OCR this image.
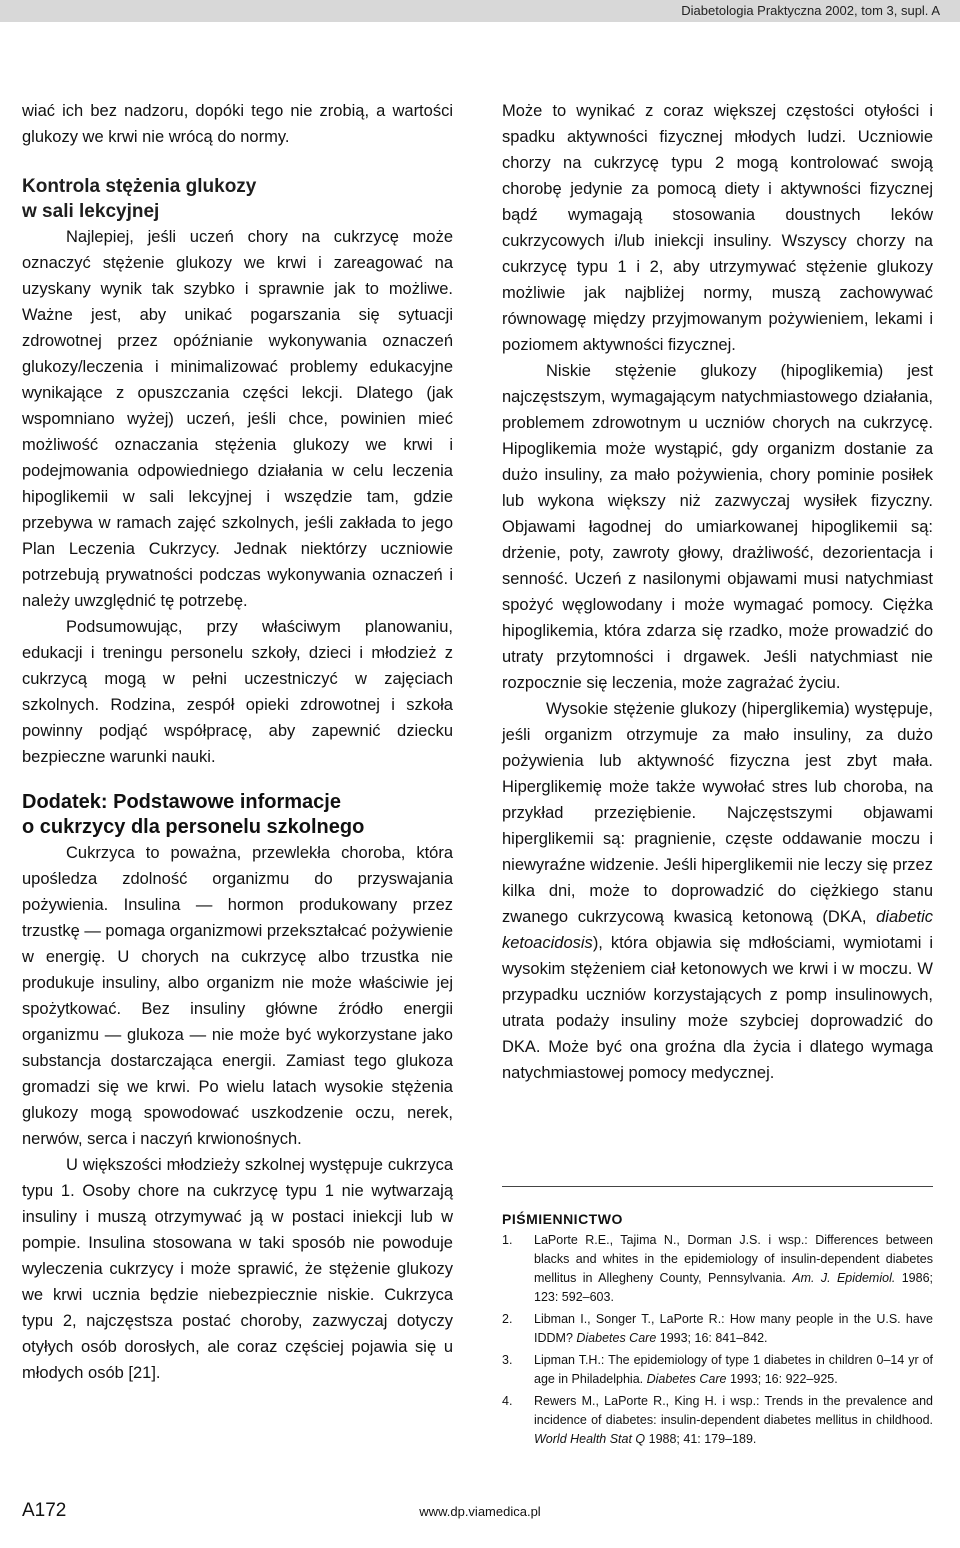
Diabetologia Praktyczna 2002, tom 3, supl. A

wiać ich bez nadzoru, dopóki tego nie zrobią, a wartości glukozy we krwi nie wrócą do normy.

Kontrola stężenia glukozy
w sali lekcyjnej

Najlepiej, jeśli uczeń chory na cukrzycę może oznaczyć stężenie glukozy we krwi i zareagować na uzyskany wynik tak szybko i sprawnie jak to możliwe. Ważne jest, aby unikać pogarszania się sytuacji zdrowotnej przez opóźnianie wykonywania oznaczeń glukozy/leczenia i minimalizować problemy edukacyjne wynikające z opuszczania części lekcji. Dlatego (jak wspomniano wyżej) uczeń, jeśli chce, powinien mieć możliwość oznaczania stężenia glukozy we krwi i podejmowania odpowiedniego działania w celu leczenia hipoglikemii w sali lekcyjnej i wszędzie tam, gdzie przebywa w ramach zajęć szkolnych, jeśli zakłada to jego Plan Leczenia Cukrzycy. Jednak niektórzy uczniowie potrzebują prywatności podczas wykonywania oznaczeń i należy uwzględnić tę potrzebę.

Podsumowując, przy właściwym planowaniu, edukacji i treningu personelu szkoły, dzieci i młodzież z cukrzycą mogą w pełni uczestniczyć w zajęciach szkolnych. Rodzina, zespół opieki zdrowotnej i szkoła powinny podjąć współpracę, aby zapewnić dziecku bezpieczne warunki nauki.

Dodatek: Podstawowe informacje
o cukrzycy dla personelu szkolnego

Cukrzyca to poważna, przewlekła choroba, która upośledza zdolność organizmu do przyswajania pożywienia. Insulina — hormon produkowany przez trzustkę — pomaga organizmowi przekształcać pożywienie w energię. U chorych na cukrzycę albo trzustka nie produkuje insuliny, albo organizm nie może właściwie jej spożytkować. Bez insuliny główne źródło energii organizmu — glukoza — nie może być wykorzystane jako substancja dostarczająca energii. Zamiast tego glukoza gromadzi się we krwi. Po wielu latach wysokie stężenia glukozy mogą spowodować uszkodzenie oczu, nerek, nerwów, serca i naczyń krwionośnych.

U większości młodzieży szkolnej występuje cukrzyca typu 1. Osoby chore na cukrzycę typu 1 nie wytwarzają insuliny i muszą otrzymywać ją w postaci iniekcji lub w pompie. Insulina stosowana w taki sposób nie powoduje wyleczenia cukrzycy i może sprawić, że stężenie glukozy we krwi ucznia będzie niebezpiecznie niskie. Cukrzyca typu 2, najczęstsza postać choroby, zazwyczaj dotyczy otyłych osób dorosłych, ale coraz częściej pojawia się u młodych osób [21].

Może to wynikać z coraz większej częstości otyłości i spadku aktywności fizycznej młodych ludzi. Uczniowie chorzy na cukrzycę typu 2 mogą kontrolować swoją chorobę jedynie za pomocą diety i aktywności fizycznej bądź wymagają stosowania doustnych leków cukrzycowych i/lub iniekcji insuliny. Wszyscy chorzy na cukrzycę typu 1 i 2, aby utrzymywać stężenie glukozy możliwie jak najbliżej normy, muszą zachowywać równowagę między przyjmowanym pożywieniem, lekami i poziomem aktywności fizycznej.

Niskie stężenie glukozy (hipoglikemia) jest najczęstszym, wymagającym natychmiastowego działania, problemem zdrowotnym u uczniów chorych na cukrzycę. Hipoglikemia może wystąpić, gdy organizm dostanie za dużo insuliny, za mało pożywienia, chory pominie posiłek lub wykona większy niż zazwyczaj wysiłek fizyczny. Objawami łagodnej do umiarkowanej hipoglikemii są: drżenie, poty, zawroty głowy, drażliwość, dezorientacja i senność. Uczeń z nasilonymi objawami musi natychmiast spożyć węglowodany i może wymagać pomocy. Ciężka hipoglikemia, która zdarza się rzadko, może prowadzić do utraty przytomności i drgawek. Jeśli natychmiast nie rozpocznie się leczenia, może zagrażać życiu.

Wysokie stężenie glukozy (hiperglikemia) występuje, jeśli organizm otrzymuje za mało insuliny, za dużo pożywienia lub aktywność fizyczna jest zbyt mała. Hiperglikemię może także wywołać stres lub choroba, na przykład przeziębienie. Najczęstszymi objawami hiperglikemii są: pragnienie, częste oddawanie moczu i niewyraźne widzenie. Jeśli hiperglikemii nie leczy się przez kilka dni, może to doprowadzić do ciężkiego stanu zwanego cukrzycową kwasicą ketonową (DKA, diabetic ketoacidosis), która objawia się mdłościami, wymiotami i wysokim stężeniem ciał ketonowych we krwi i w moczu. W przypadku uczniów korzystających z pomp insulinowych, utrata podaży insuliny może szybciej doprowadzić do DKA. Może być ona groźna dla życia i dlatego wymaga natychmiastowej pomocy medycznej.

PIŚMIENNICTWO
1.	LaPorte R.E., Tajima N., Dorman J.S. i wsp.: Differences between blacks and whites in the epidemiology of insulin-dependent diabetes mellitus in Allegheny County, Pennsylvania. Am. J. Epidemiol. 1986; 123: 592–603.
2.	Libman I., Songer T., LaPorte R.: How many people in the U.S. have IDDM? Diabetes Care 1993; 16: 841–842.
3.	Lipman T.H.: The epidemiology of type 1 diabetes in children 0–14 yr of age in Philadelphia. Diabetes Care 1993; 16: 922–925.
4.	Rewers M., LaPorte R., King H. i wsp.: Trends in the prevalence and incidence of diabetes: insulin-dependent diabetes mellitus in childhood. World Health Stat Q 1988; 41: 179–189.
A172	www.dp.viamedica.pl
